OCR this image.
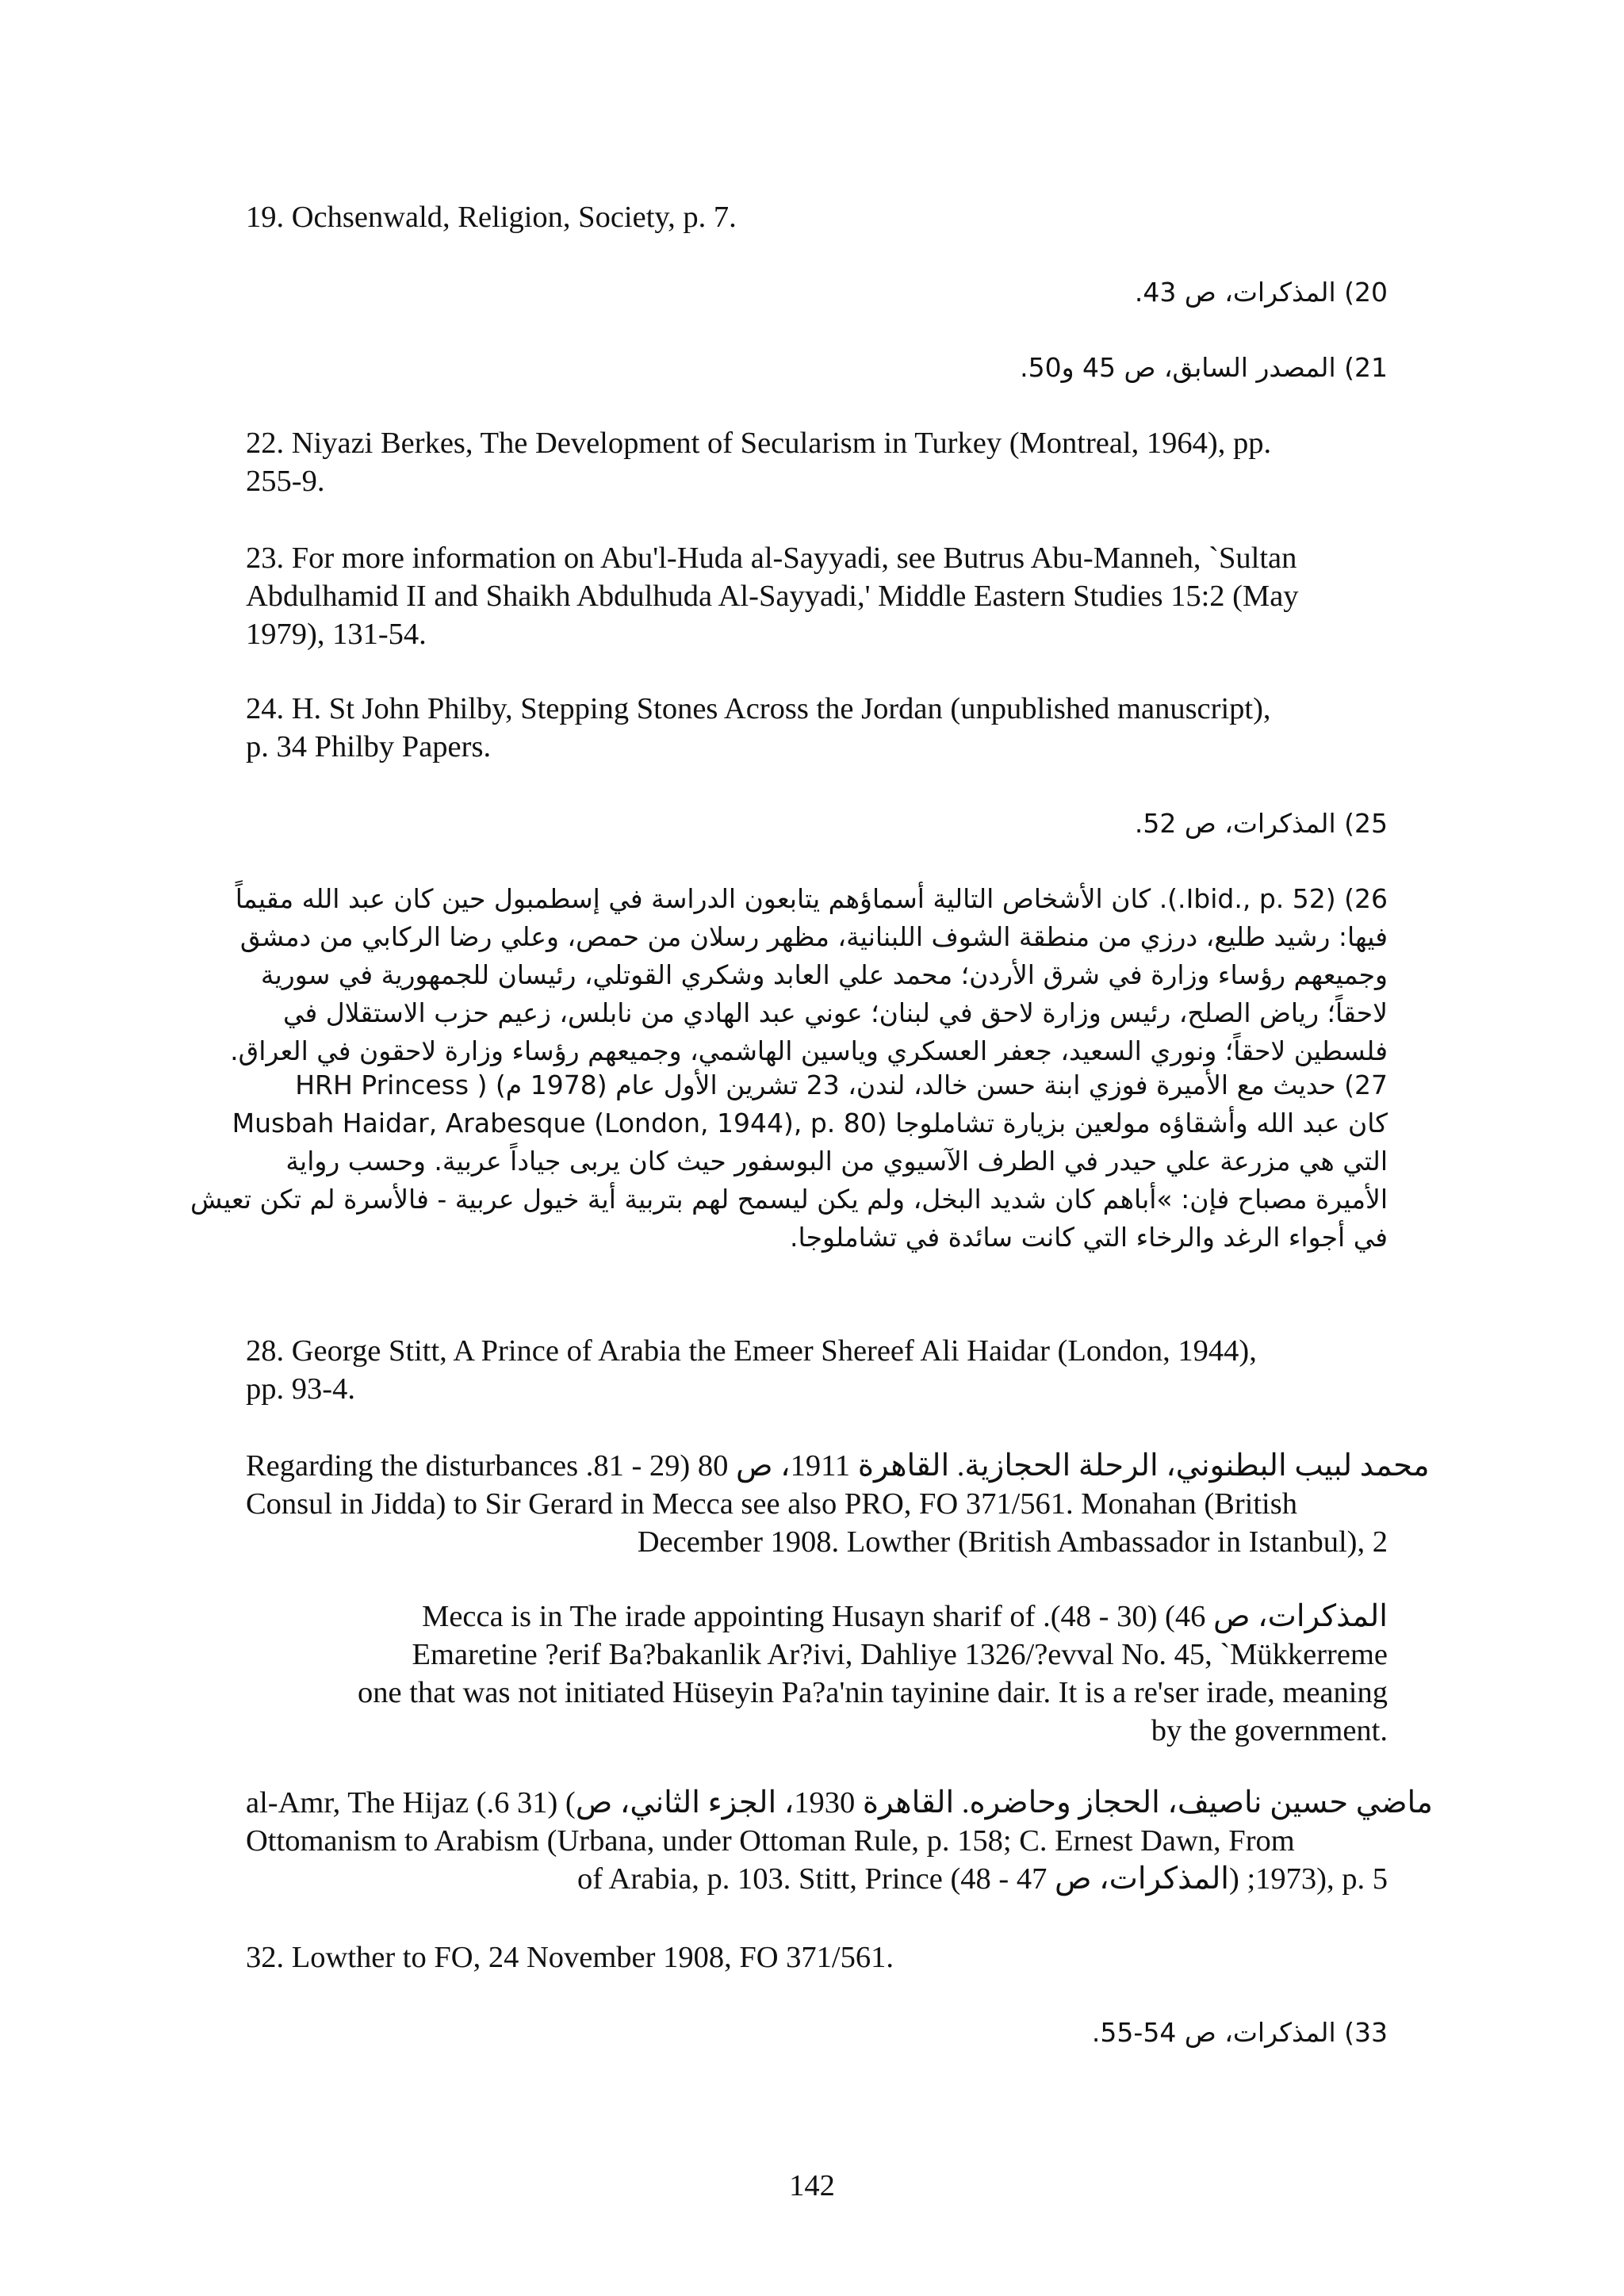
19. Ochsenwald, Religion, Society, p. 7.
20) المذكرات، ص 43.
21) المصدر السابق، ص 45 و50.
22. Niyazi Berkes, The Development of Secularism in Turkey (Montreal, 1964), pp.
255-9.
23. For more information on Abu'l-Huda al-Sayyadi, see Butrus Abu-Manneh, `Sultan
Abdulhamid II and Shaikh Abdulhuda Al-Sayyadi,' Middle Eastern Studies 15:2 (May
1979), 131-54.
24. H. St John Philby, Stepping Stones Across the Jordan (unpublished manuscript),
p. 34 Philby Papers.
25) المذكرات، ص 52.
26) (Ibid., p. 52.). كان الأشخاص التالية أسماؤهم يتابعون الدراسة في إسطمبول حين كان عبد الله مقيماً
فيها: رشيد طليع، درزي من منطقة الشوف اللبنانية، مظهر رسلان من حمص، وعلي رضا الركابي من دمشق
وجميعهم رؤساء وزارة في شرق الأردن؛ محمد علي العابد وشكري القوتلي، رئيسان للجمهورية في سورية
لاحقاً؛ رياض الصلح، رئيس وزارة لاحق في لبنان؛ عوني عبد الهادي من نابلس، زعيم حزب الاستقلال في
فلسطين لاحقاً؛ ونوري السعيد، جعفر العسكري وياسين الهاشمي، وجميعهم رؤساء وزارة لاحقون في العراق.
27) حديث مع الأميرة فوزي ابنة حسن خالد، لندن، 23 تشرين الأول عام (1978 م) ( HRH Princess
كان عبد الله وأشقاؤه مولعين بزيارة تشاملوجا (Musbah Haidar, Arabesque (London, 1944), p. 80
التي هي مزرعة علي حيدر في الطرف الآسيوي من البوسفور حيث كان يربى جياداً عربية. وحسب رواية
الأميرة مصباح فإن: »أباهم كان شديد البخل، ولم يكن ليسمح لهم بتربية أية خيول عربية - فالأسرة لم تكن تعيش
في أجواء الرغد والرخاء التي كانت سائدة في تشاملوجا.
28. George Stitt, A Prince of Arabia the Emeer Shereef Ali Haidar (London, 1944),
pp. 93-4.
Regarding the disturbances .81 - 29) محمد لبيب البطنوني، الرحلة الحجازية. القاهرة 1911، ص 80
Consul in Jidda) to Sir Gerard in Mecca see also PRO, FO 371/561. Monahan (British
December 1908. Lowther (British Ambassador in Istanbul), 2
Mecca is in The irade appointing Husayn sharif of .(48 - 30) (المذكرات، ص 46
Emaretine ?erif Ba?bakanlik Ar?ivi, Dahliye 1326/?evval No. 45, `Mükkerreme
one that was not initiated Hüseyin Pa?a'nin tayinine dair. It is a re'ser irade, meaning
by the government.
al-Amr, The Hijaz (.6 31) (ماضي حسين ناصيف، الحجاز وحاضره. القاهرة 1930، الجزء الثاني، ص
Ottomanism to Arabism (Urbana, under Ottoman Rule, p. 158; C. Ernest Dawn, From
of Arabia, p. 103. Stitt, Prince (48 - 47 المذكرات، ص) ;1973), p. 5
32. Lowther to FO, 24 November 1908, FO 371/561.
33) المذكرات، ص 54-55.
142
